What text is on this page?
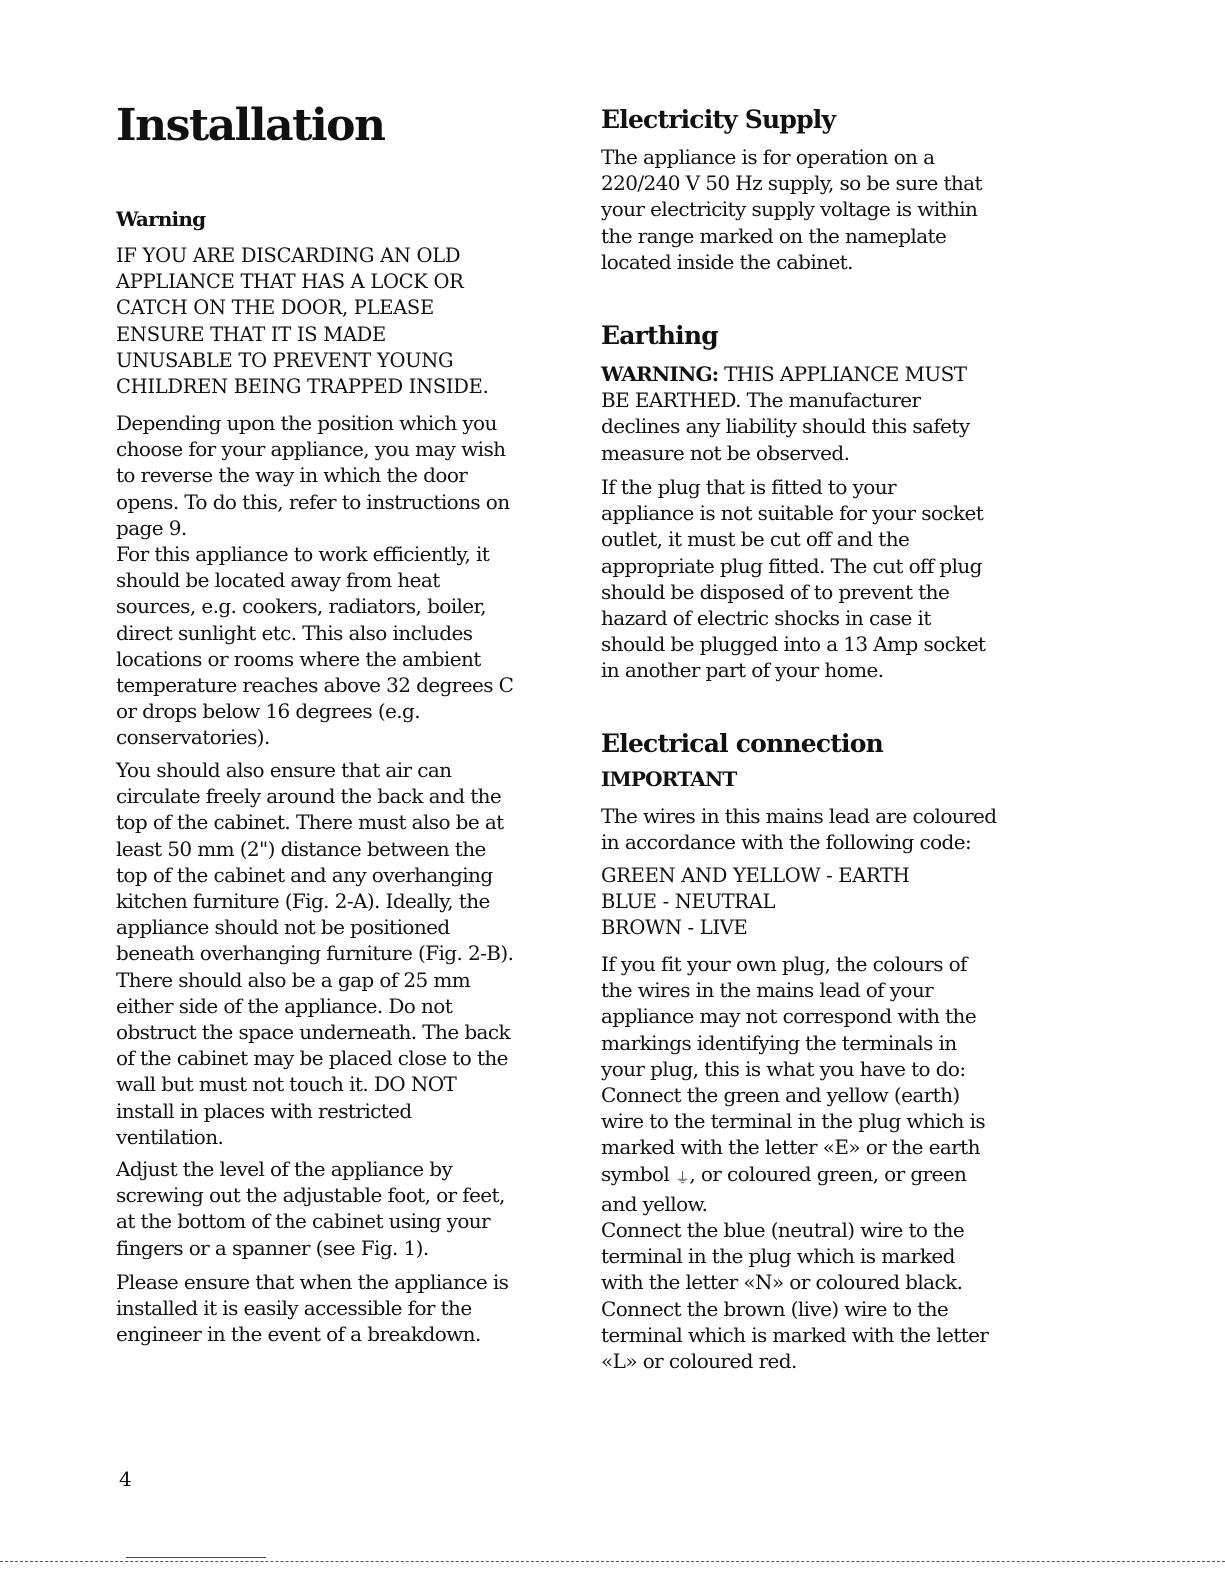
Installation
Warning
IF YOU ARE DISCARDING AN OLD
APPLIANCE THAT HAS A LOCK OR
CATCH ON THE DOOR, PLEASE
ENSURE THAT IT IS MADE
UNUSABLE TO PREVENT YOUNG
CHILDREN BEING TRAPPED INSIDE.
Depending upon the position which you
choose for your appliance, you may wish
to reverse the way in which the door
opens. To do this, refer to instructions on
page 9.
For this appliance to work efficiently, it
should be located away from heat
sources, e.g. cookers, radiators, boiler,
direct sunlight etc. This also includes
locations or rooms where the ambient
temperature reaches above 32 degrees C
or drops below 16 degrees (e.g.
conservatories).
You should also ensure that air can
circulate freely around the back and the
top of the cabinet. There must also be at
least 50 mm (2") distance between the
top of the cabinet and any overhanging
kitchen furniture (Fig. 2-A). Ideally, the
appliance should not be positioned
beneath overhanging furniture (Fig. 2-B).
There should also be a gap of 25 mm
either side of the appliance. Do not
obstruct the space underneath. The back
of the cabinet may be placed close to the
wall but must not touch it. DO NOT
install in places with restricted
ventilation.
Adjust the level of the appliance by
screwing out the adjustable foot, or feet,
at the bottom of the cabinet using your
fingers or a spanner (see Fig. 1).
Please ensure that when the appliance is
installed it is easily accessible for the
engineer in the event of a breakdown.
Electricity Supply
The appliance is for operation on a
220/240 V 50 Hz supply, so be sure that
your electricity supply voltage is within
the range marked on the nameplate
located inside the cabinet.
Earthing
WARNING: THIS APPLIANCE MUST
BE EARTHED. The manufacturer
declines any liability should this safety
measure not be observed.
If the plug that is fitted to your
appliance is not suitable for your socket
outlet, it must be cut off and the
appropriate plug fitted. The cut off plug
should be disposed of to prevent the
hazard of electric shocks in case it
should be plugged into a 13 Amp socket
in another part of your home.
Electrical connection
IMPORTANT
The wires in this mains lead are coloured
in accordance with the following code:
GREEN AND YELLOW - EARTH
BLUE - NEUTRAL
BROWN - LIVE
If you fit your own plug, the colours of
the wires in the mains lead of your
appliance may not correspond with the
markings identifying the terminals in
your plug, this is what you have to do:
Connect the green and yellow (earth)
wire to the terminal in the plug which is
marked with the letter «E» or the earth
symbol ⏚, or coloured green, or green
and yellow.
Connect the blue (neutral) wire to the
terminal in the plug which is marked
with the letter «N» or coloured black.
Connect the brown (live) wire to the
terminal which is marked with the letter
«L» or coloured red.
4
